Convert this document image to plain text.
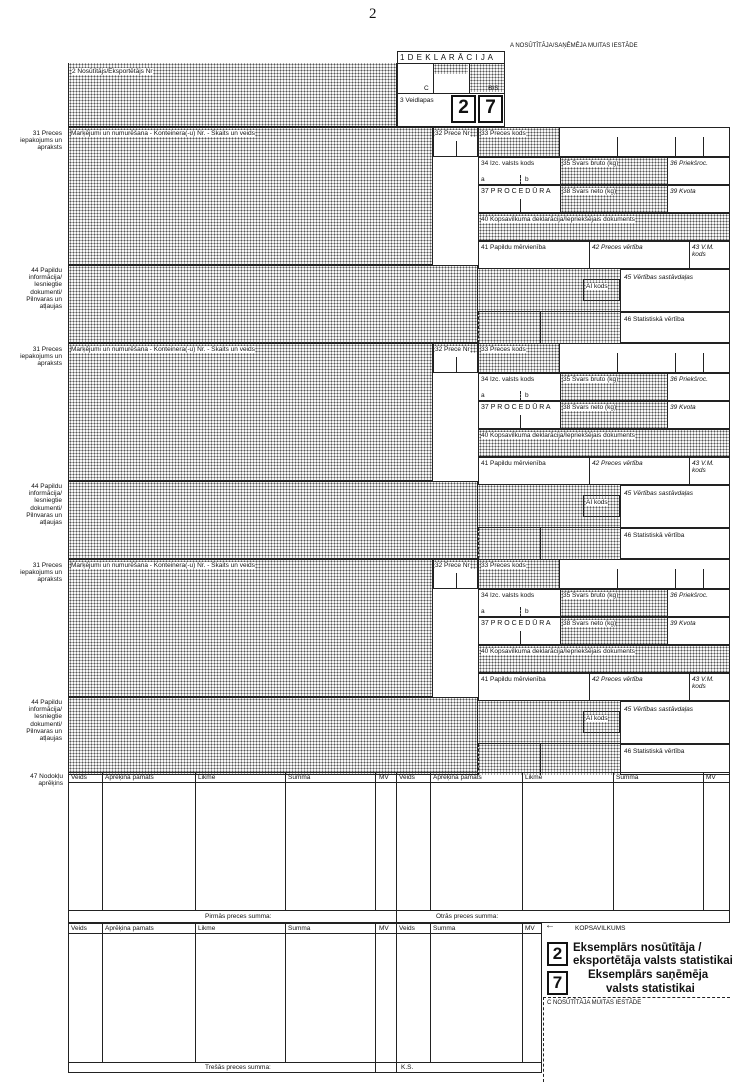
2
A NOSŪTĪTĀJA/SAŅĒMĒJA MUITAS IESTĀDE
2 Nosūtītājs/Eksportētājs Nr
1 D E K L A R Ā C I J A
C	BIS
3 Veidlapas	2 7
31 Preces iepakojums un apraksts
44 Papildu informācija/ Iesniegtie dokumenti/ Pilnvaras un atļaujas
Marķējumi un numurēšana - Konteinera(-u) Nr. - Skaits un veids	32 Prece Nr 33 Preces kods
34 Izc. valsts kods
a	b
35 Svars bruto (kg)	36 Priekšroc.
37 P R O C E D Ū R A 38 Svars neto (kg)	39 Kvota
40 Kopsavilkuma deklarācija/Iepriekšējais dokuments
41 Papildu mērvienība	42 Preces vērtība	43 V.M. kods
AI kods
45 Vērtības sastāvdaļas
46 Statistiskā vērtība
31 Preces iepakojums un apraksts
44 Papildu informācija/ Iesniegtie dokumenti/ Pilnvaras un atļaujas
Marķējumi un numurēšana - Konteinera(-u) Nr. - Skaits un veids	32 Prece Nr 33 Preces kods
34 Izc. valsts kods
a	b
35 Svars bruto (kg)	36 Priekšroc.
37 P R O C E D Ū R A 38 Svars neto (kg)	39 Kvota
40 Kopsavilkuma deklarācija/Iepriekšējais dokuments
41 Papildu mērvienība	42 Preces vērtība	43 V.M. kods
AI kods
45 Vērtības sastāvdaļas
46 Statistiskā vērtība
31 Preces iepakojums un apraksts
44 Papildu informācija/ Iesniegtie dokumenti/ Pilnvaras un atļaujas
Marķējumi un numurēšana - Konteinera(-u) Nr. - Skaits un veids	32 Prece Nr 33 Preces kods
34 Izc. valsts kods
a	b
35 Svars bruto (kg)	36 Priekšroc.
37 P R O C E D Ū R A 38 Svars neto (kg)	39 Kvota
40 Kopsavilkuma deklarācija/Iepriekšējais dokuments
41 Papildu mērvienība	42 Preces vērtība	43 V.M. kods
AI kods
45 Vērtības sastāvdaļas
46 Statistiskā vērtība
47 Nodokļu aprēķins
Veids	Aprēķina pamats	Likme	Summa	MV Veids	Aprēķina pamats	Likme	Summa	MV
Pirmās preces summa:	Otrās preces summa:
Veids	Aprēķina pamats	Likme	Summa	MV Veids	Summa	MV ←	KOPSAVILKUMS
Trešās preces summa:	K.S.
2 Eksemplārs nosūtītāja /
eksportētāja valsts statistikai
7	Eksemplārs saņēmēja
valsts statistikai
C NOSŪTĪTĀJA MUITAS IESTĀDE
